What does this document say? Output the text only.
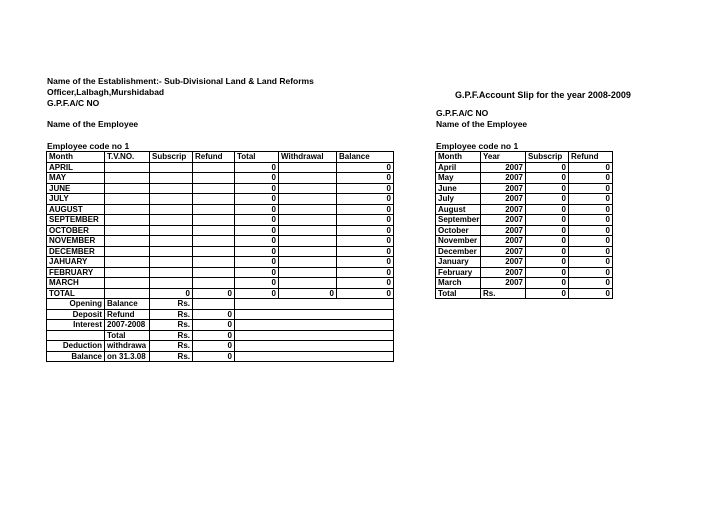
Name of the Establishment:- Sub-Divisional Land & Land Reforms
Officer,Lalbagh,Murshidabad
G.P.F.A/C NO
Name of the Employee
Employee code no 1
G.P.F.Account Slip for the year 2008-2009
G.P.F.A/C NO
Name of the Employee
Employee code no 1
Month	T.V.NO.	Subscrip	Refund	Total	Withdrawal	Balance
APRIL				0		0
MAY				0		0
JUNE				0		0
JULY				0		0
AUGUST				0		0
SEPTEMBER				0		0
OCTOBER				0		0
NOVEMBER				0		0
DECEMBER				0		0
JAHUARY				0		0
FEBRUARY				0		0
MARCH				0		0
TOTAL		0	0	0	0	0
Opening	Balance	Rs.				
Deposit	Refund	Rs.	0			
Interest	2007-2008	Rs.	0			
	Total	Rs.	0			
Deduction	withdrawa	Rs.	0			
Balance	on 31.3.08	Rs.	0			
Month	Year	Subscrip	Refund
April	2007	0	0
May	2007	0	0
June	2007	0	0
July	2007	0	0
August	2007	0	0
September	2007	0	0
October	2007	0	0
November	2007	0	0
December	2007	0	0
January	2007	0	0
February	2007	0	0
March	2007	0	0
Total	Rs.	0	0
